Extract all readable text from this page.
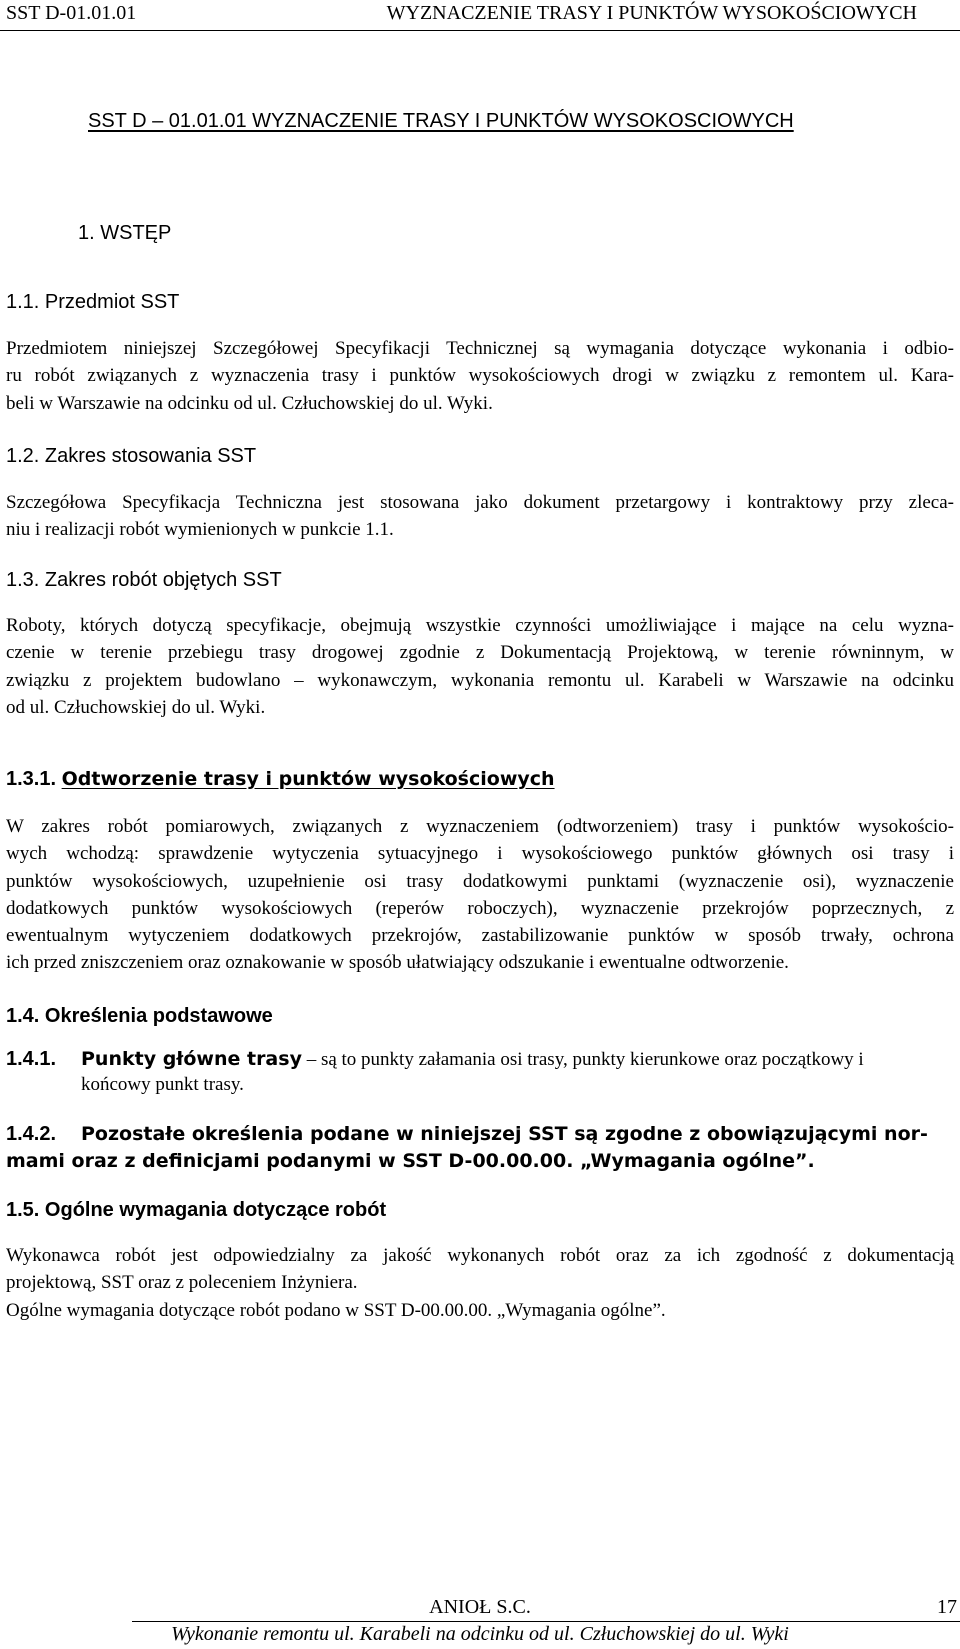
SST D-01.01.01	WYZNACZENIE TRASY I PUNKTÓW WYSOKOŚCIOWYCH
SST D – 01.01.01 WYZNACZENIE TRASY I PUNKTÓW WYSOKOSCIOWYCH
1. WSTĘP
1.1. Przedmiot SST

Przedmiotem niniejszej Szczegółowej Specyfikacji Technicznej są wymagania dotyczące wykonania i odbio-
ru robót związanych z wyznaczenia trasy i punktów wysokościowych drogi w związku z remontem ul. Kara-
beli w Warszawie na odcinku od ul. Człuchowskiej do ul. Wyki.

1.2. Zakres stosowania SST

Szczegółowa Specyfikacja Techniczna jest stosowana jako dokument przetargowy i kontraktowy przy zleca-
niu i realizacji robót wymienionych w punkcie 1.1.

1.3. Zakres robót objętych SST

Roboty, których dotyczą specyfikacje, obejmują wszystkie czynności umożliwiające i mające na celu wyzna-
czenie w terenie przebiegu trasy drogowej zgodnie z Dokumentacją Projektową, w terenie równinnym, w
związku z projektem budowlano – wykonawczym, wykonania remontu ul. Karabeli w Warszawie na odcinku
od ul. Człuchowskiej do ul. Wyki.

1.3.1. Odtworzenie trasy i punktów wysokościowych

W zakres robót pomiarowych, związanych z wyznaczeniem (odtworzeniem) trasy i punktów wysokościo-
wych wchodzą: sprawdzenie wytyczenia sytuacyjnego i wysokościowego punktów głównych osi trasy i
punktów wysokościowych, uzupełnienie osi trasy dodatkowymi punktami (wyznaczenie osi), wyznaczenie
dodatkowych punktów wysokościowych (reperów roboczych), wyznaczenie przekrojów poprzecznych, z
ewentualnym wytyczeniem dodatkowych przekrojów, zastabilizowanie punktów w sposób trwały, ochrona
ich przed zniszczeniem oraz oznakowanie w sposób ułatwiający odszukanie i ewentualne odtworzenie.

1.4. Określenia podstawowe
1.4.1. Punkty główne trasy – są to punkty załamania osi trasy, punkty kierunkowe oraz początkowy i
końcowy punkt trasy.
1.4.2. Pozostałe określenia podane w niniejszej SST są zgodne z obowiązującymi nor-
mami oraz z definicjami podanymi w SST D-00.00.00. „Wymagania ogólne”.
1.5. Ogólne wymagania dotyczące robót

Wykonawca robót jest odpowiedzialny za jakość wykonanych robót oraz za ich zgodność z dokumentacją
projektową, SST oraz z poleceniem Inżyniera.
Ogólne wymagania dotyczące robót podano w SST D-00.00.00. „Wymagania ogólne”.

ANIOŁ S.C.	17
Wykonanie remontu ul. Karabeli na odcinku od ul. Człuchowskiej do ul. Wyki
